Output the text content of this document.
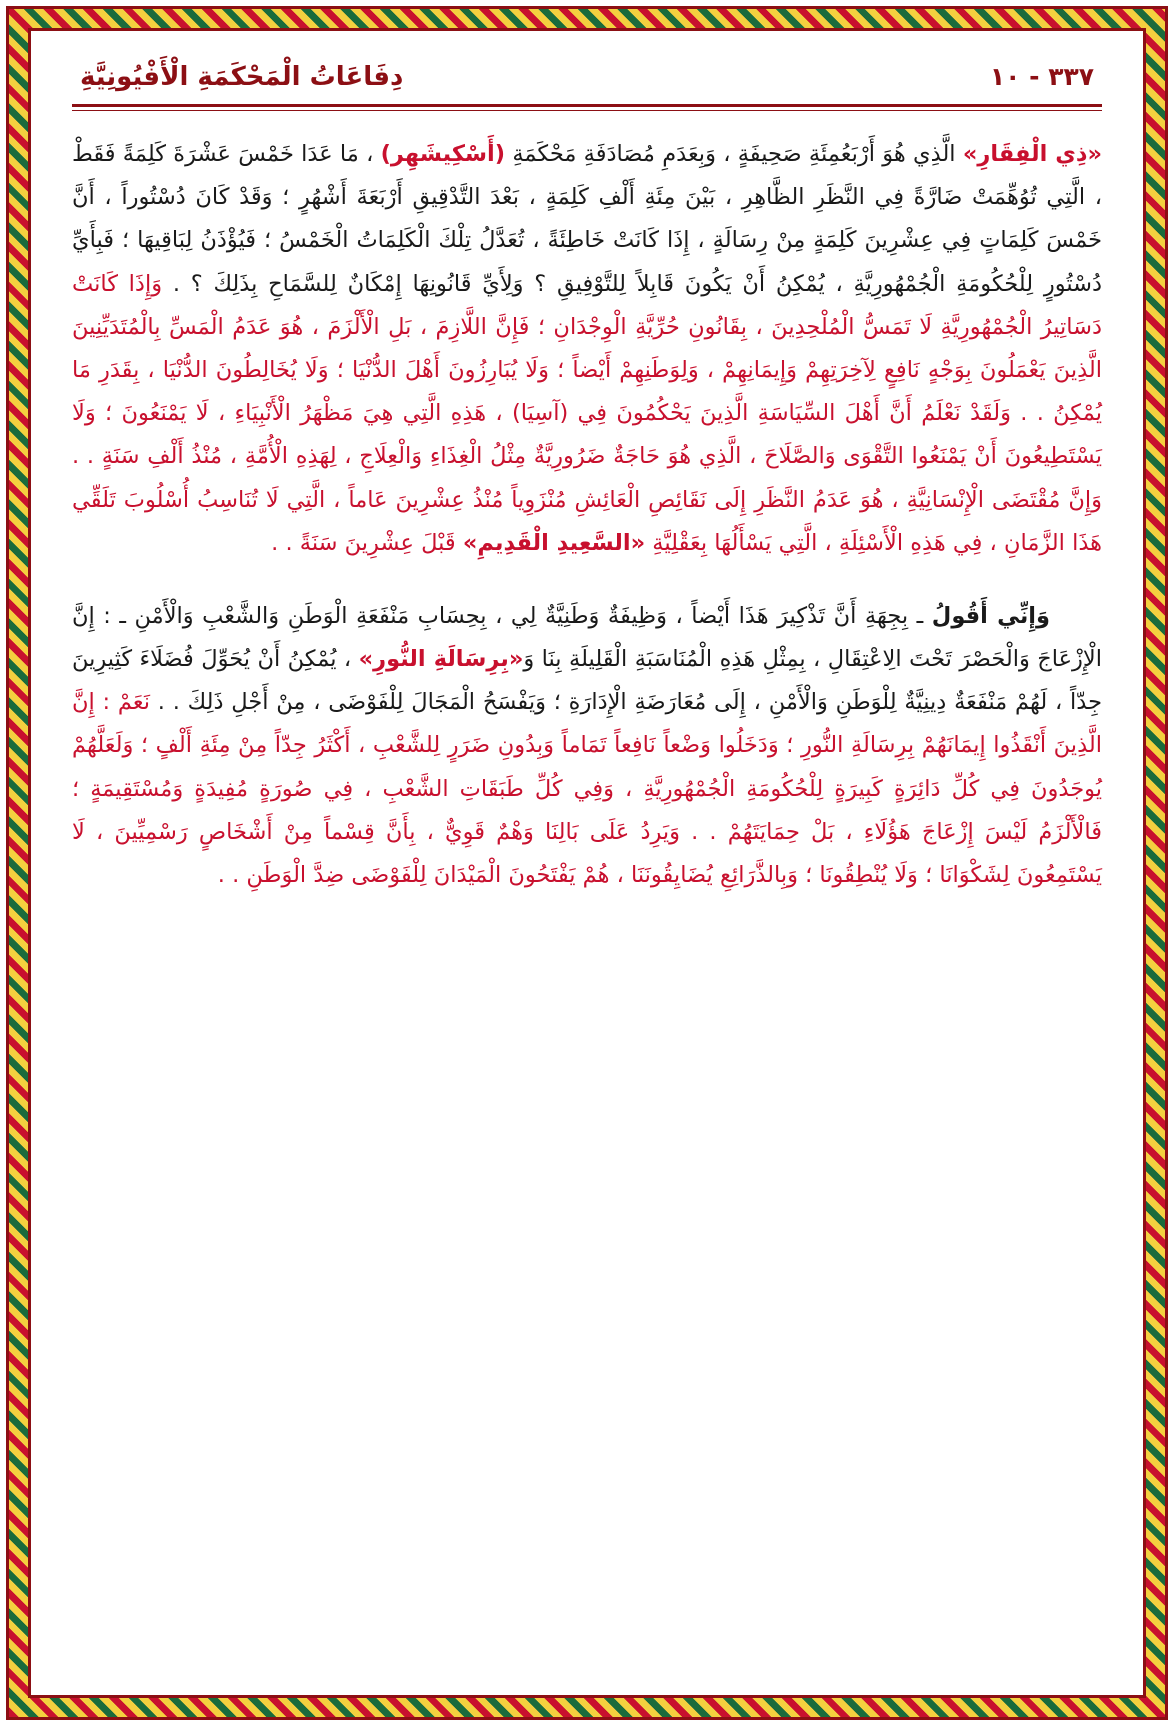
دِفَاعَاتُ الْمَحْكَمَةِ الْأَفْيُونِيَّةِ	٣٣٧ - ١٠

«ذِي الْفِقَارِ» الَّذِي هُوَ أَرْبَعُمِئَةِ صَحِيفَةٍ ، وَبِعَدَمِ مُصَادَفَةِ مَحْكَمَةِ (أَسْكِيشَهِر) ، مَا عَدَا خَمْسَ عَشْرَةَ كَلِمَةً فَقَطْ ، الَّتِي تُوُهِّمَتْ ضَارَّةً فِي النَّظَرِ الظَّاهِرِ ، بَيْنَ مِئَةِ أَلْفِ كَلِمَةٍ ، بَعْدَ التَّدْقِيقِ أَرْبَعَةَ أَشْهُرٍ ؛ وَقَدْ كَانَ دُسْتُوراً ، أَنَّ خَمْسَ كَلِمَاتٍ فِي عِشْرِينَ كَلِمَةٍ مِنْ رِسَالَةٍ ، إِذَا كَانَتْ خَاطِئَةً ، تُعَدَّلُ تِلْكَ الْكَلِمَاتُ الْخَمْسُ ؛ فَيُؤْذَنُ لِبَاقِيهَا ؛ فَبِأَيِّ دُسْتُورٍ لِلْحُكُومَةِ الْجُمْهُورِيَّةِ ، يُمْكِنُ أَنْ يَكُونَ قَابِلاً لِلتَّوْفِيقِ ؟ وَلِأَيِّ قَانُونِهَا إِمْكَانٌ لِلسَّمَاحِ بِذَلِكَ ؟ . وَإِذَا كَانَتْ دَسَاتِيرُ الْجُمْهُورِيَّةِ لَا تَمَسُّ الْمُلْحِدِينَ ، بِقَانُونِ حُرِّيَّةِ الْوِجْدَانِ ؛ فَإِنَّ اللَّازِمَ ، بَلِ الْأَلْزَمَ ، هُوَ عَدَمُ الْمَسِّ بِالْمُتَدَيِّنِينَ الَّذِينَ يَعْمَلُونَ بِوَجْهٍ نَافِعٍ لِآخِرَتِهِمْ وَإِيمَانِهِمْ ، وَلِوَطَنِهِمْ أَيْضاً ؛ وَلَا يُبَارِزُونَ أَهْلَ الدُّنْيَا ؛ وَلَا يُخَالِطُونَ الدُّنْيَا ، بِقَدَرِ مَا يُمْكِنُ . . وَلَقَدْ نَعْلَمُ أَنَّ أَهْلَ السِّيَاسَةِ الَّذِينَ يَحْكُمُونَ فِي (آسِيَا) ، هَذِهِ الَّتِي هِيَ مَظْهَرُ الْأَنْبِيَاءِ ، لَا يَمْنَعُونَ ؛ وَلَا يَسْتَطِيعُونَ أَنْ يَمْنَعُوا التَّقْوَى وَالصَّلَاحَ ، الَّذِي هُوَ حَاجَةٌ ضَرُورِيَّةٌ مِثْلُ الْغِذَاءِ وَالْعِلَاجِ ، لِهَذِهِ الْأُمَّةِ ، مُنْذُ أَلْفِ سَنَةٍ . . وَإِنَّ مُقْتَضَى الْإِنْسَانِيَّةِ ، هُوَ عَدَمُ النَّظَرِ إِلَى نَقَائِصِ الْعَائِشِ مُنْزَوِياً مُنْذُ عِشْرِينَ عَاماً ، الَّتِي لَا تُنَاسِبُ أُسْلُوبَ تَلَقِّي هَذَا الزَّمَانِ ، فِي هَذِهِ الْأَسْئِلَةِ ، الَّتِي يَسْأَلُهَا بِعَقْلِيَّةِ «السَّعِيدِ الْقَدِيمِ» قَبْلَ عِشْرِينَ سَنَةً . .

وَإِنِّي أَقُولُ ـ بِجِهَةِ أَنَّ تَذْكِيرَ هَذَا أَيْضاً ، وَظِيفَةٌ وَطَنِيَّةٌ لِي ، بِحِسَابِ مَنْفَعَةِ الْوَطَنِ وَالشَّعْبِ وَالْأَمْنِ ـ : إِنَّ الْإِزْعَاجَ وَالْحَصْرَ تَحْتَ الِاعْتِقَالِ ، بِمِثْلِ هَذِهِ الْمُنَاسَبَةِ الْقَلِيلَةِ بِنَا وَ«بِرِسَالَةِ النُّورِ» ، يُمْكِنُ أَنْ يُحَوِّلَ فُضَلَاءَ كَثِيرِينَ جِدّاً ، لَهُمْ مَنْفَعَةٌ دِينِيَّةٌ لِلْوَطَنِ وَالْأَمْنِ ، إِلَى مُعَارَضَةِ الْإِدَارَةِ ؛ وَيَفْسَحُ الْمَجَالَ لِلْفَوْضَى ، مِنْ أَجْلِ ذَلِكَ . . نَعَمْ : إِنَّ الَّذِينَ أَنْقَذُوا إِيمَانَهُمْ بِرِسَالَةِ النُّورِ ؛ وَدَخَلُوا وَضْعاً نَافِعاً تَمَاماً وَبِدُونِ ضَرَرٍ لِلشَّعْبِ ، أَكْثَرُ جِدّاً مِنْ مِئَةِ أَلْفٍ ؛ وَلَعَلَّهُمْ يُوجَدُونَ فِي كُلِّ دَائِرَةٍ كَبِيرَةٍ لِلْحُكُومَةِ الْجُمْهُورِيَّةِ ، وَفِي كُلِّ طَبَقَاتِ الشَّعْبِ ، فِي صُورَةٍ مُفِيدَةٍ وَمُسْتَقِيمَةٍ ؛ فَالْأَلْزَمُ لَيْسَ إِزْعَاجَ هَؤُلَاءِ ، بَلْ حِمَايَتَهُمْ . . وَيَرِدُ عَلَى بَالِنَا وَهْمٌ قَوِيٌّ ، بِأَنَّ قِسْماً مِنْ أَشْخَاصٍ رَسْمِيِّينَ ، لَا يَسْتَمِعُونَ لِشَكْوَانَا ؛ وَلَا يُنْطِقُونَا ؛ وَبِالذَّرَائِعِ يُضَايِقُونَنَا ، هُمْ يَفْتَحُونَ الْمَيْدَانَ لِلْفَوْضَى ضِدَّ الْوَطَنِ . .
